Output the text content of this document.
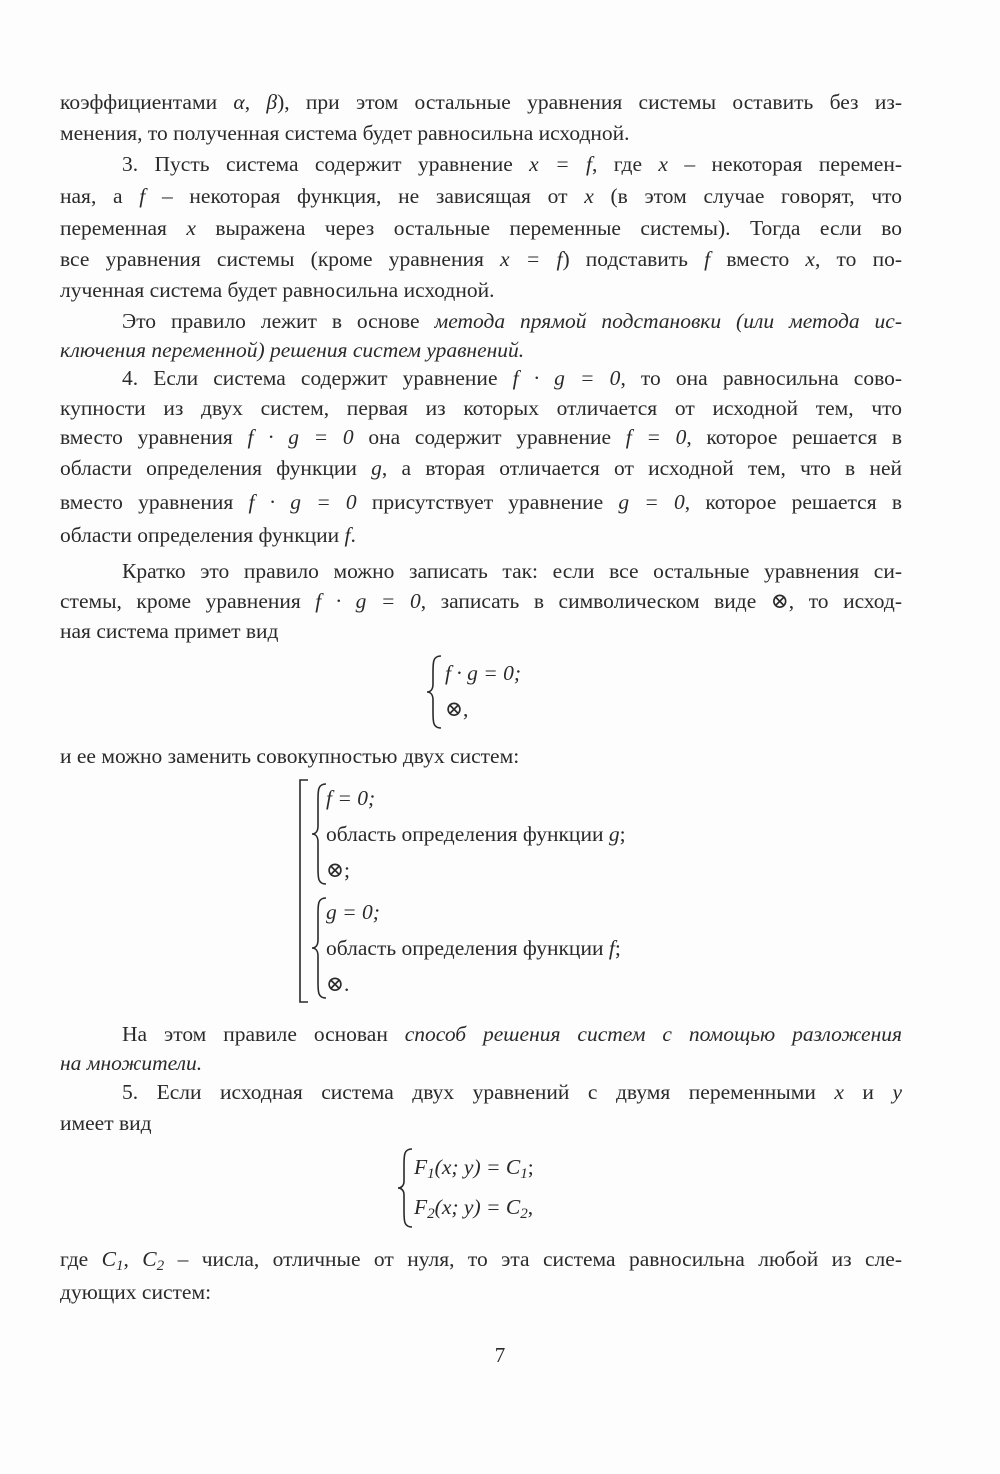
коэффициентами α, β), при этом остальные уравнения системы оставить без из-
менения, то полученная система будет равносильна исходной.
3. Пусть система содержит уравнение x = f, где x – некоторая перемен-
ная, а f – некоторая функция, не зависящая от x (в этом случае говорят, что
переменная x выражена через остальные переменные системы). Тогда если во
все уравнения системы (кроме уравнения x = f) подставить f вместо x, то по-
лученная система будет равносильна исходной.
Это правило лежит в основе метода прямой подстановки (или метода ис-
ключения переменной) решения систем уравнений.
4. Если система содержит уравнение f · g = 0, то она равносильна сово-
купности из двух систем, первая из которых отличается от исходной тем, что
вместо уравнения f · g = 0 она содержит уравнение f = 0, которое решается в
области определения функции g, а вторая отличается от исходной тем, что в ней
вместо уравнения f · g = 0 присутствует уравнение g = 0, которое решается в
области определения функции f.
Кратко это правило можно записать так: если все остальные уравнения си-
стемы, кроме уравнения f · g = 0, записать в символическом виде ⊗, то исход-
ная система примет вид
f · g = 0;
⊗,
и ее можно заменить совокупностью двух систем:
f = 0;
область определения функции g;
⊗;
g = 0;
область определения функции f;
⊗.
На этом правиле основан способ решения систем с помощью разложения
на множители.
5. Если исходная система двух уравнений с двумя переменными x и y
имеет вид
$F_1(x$; $y) = C_1$;
$F_2(x$; $y) = C_2$,
где $C_1$, $C_2$ – числа, отличные от нуля, то эта система равносильна любой из сле-
дующих систем:
7
